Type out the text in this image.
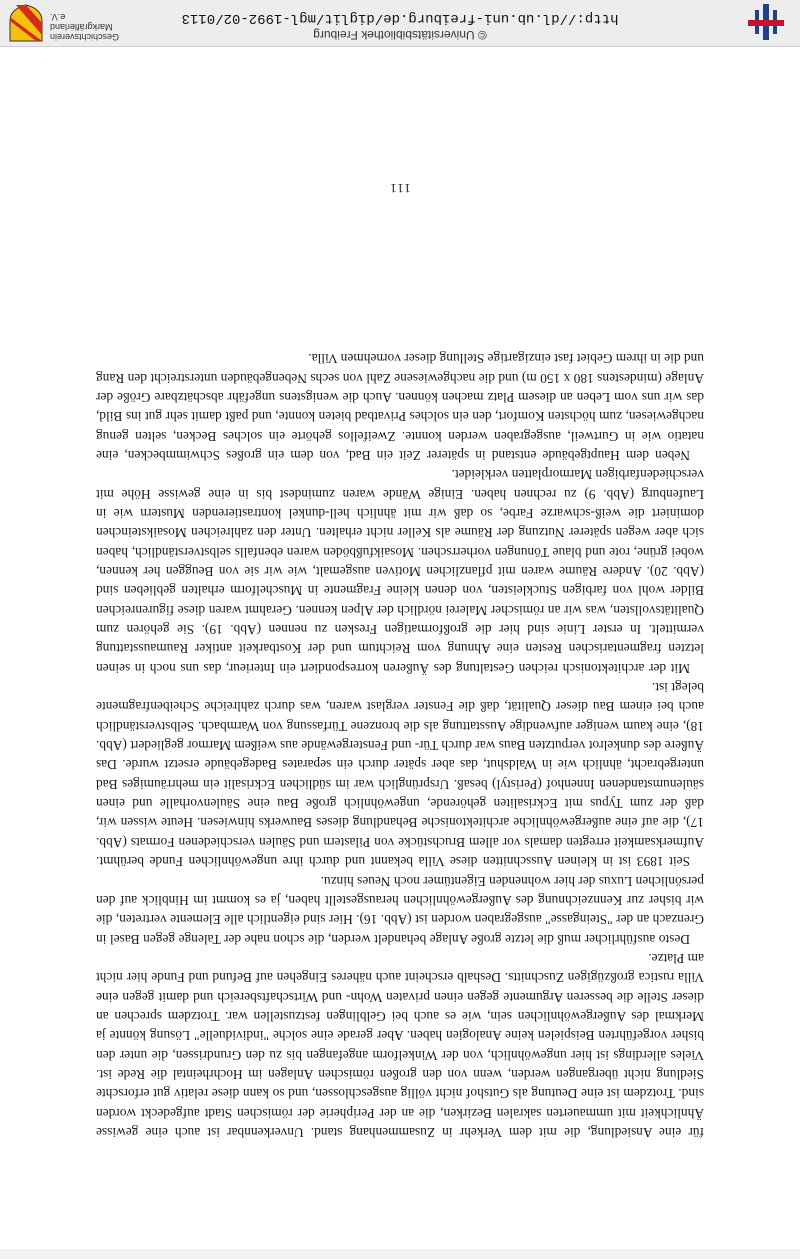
für eine Ansiedlung, die mit dem Verkehr in Zusammenhang stand. Unverkennbar ist auch eine gewisse Ähnlichkeit mit ummauerten sakralen Bezirken, die an der Peripherie der römischen Stadt aufgedeckt worden sind. Trotzdem ist eine Deutung als Gutshof nicht völlig ausgeschlossen, und so kann diese relativ gut erforschte Siedlung nicht übergangen werden, wenn von den großen römischen Anlagen im Hochrheintal die Rede ist. Vieles allerdings ist hier ungewöhnlich, von der Winkelform angefangen bis zu den Grundrissen, die unter den bisher vorgeführten Beispielen keine Analogien haben. Aber gerade eine solche "individuelle" Lösung könnte ja Merkmal des Außergewöhnlichen sein, wie es auch bei Gelblingen festzustellen war. Trotzdem sprechen an dieser Stelle die besseren Argumente gegen einen privaten Wohn- und Wirtschaftsbereich und damit gegen eine Villa rustica großzügigen Zuschnitts. Deshalb erscheint auch näheres Eingehen auf Befund und Funde hier nicht am Platze.

Desto ausführlicher muß die letzte große Anlage behandelt werden, die schon nahe der Talenge gegen Basel in Grenzach an der "Steingasse" ausgegraben worden ist (Abb. 16). Hier sind eigentlich alle Elemente vertreten, die wir bisher zur Kennzeichnung des Außergewöhnlichen herausgestellt haben, ja es kommt im Hinblick auf den persönlichen Luxus der hier wohnenden Eigentümer noch Neues hinzu.

Seit 1893 ist in kleinen Ausschnitten diese Villa bekannt und durch ihre ungewöhnlichen Funde berühmt. Aufmerksamkeit erregten damals vor allem Bruchstücke von Pilastern und Säulen verschiedenen Formats (Abb. 17), die auf eine außergewöhnliche architektonische Behandlung dieses Bauwerks hinwiesen. Heute wissen wir, daß der zum Typus mit Eckrisaliten gehörende, ungewöhnlich große Bau eine Säulenvorhalle und einen säulenumstandenen Innenhof (Peristyl) besaß. Ursprünglich war im südlichen Eckrisalit ein mehrräumiges Bad untergebracht, ähnlich wie in Waldshut, das aber später durch ein separates Badegebäude ersetzt wurde. Das Äußere des dunkelrot verputzten Baus war durch Tür- und Fenstergewände aus weißem Marmor gegliedert (Abb. 18), eine kaum weniger aufwendige Ausstattung als die bronzene Türfassung von Warmbach. Selbstverständlich auch bei einem Bau dieser Qualität, daß die Fenster verglast waren, was durch zahlreiche Scheibenfragmente belegt ist.

Mit der architektonisch reichen Gestaltung des Äußeren korrespondiert ein Interieur, das uns noch in seinen letzten fragmentarischen Resten eine Ahnung vom Reichtum und der Kostbarkeit antiker Raumausstattung vermittelt. In erster Linie sind hier die großformatigen Fresken zu nennen (Abb. 19). Sie gehören zum Qualitätsvollsten, was wir an römischer Malerei nördlich der Alpen kennen. Gerahmt waren diese figurenreichen Bilder wohl von farbigen Stuckleisten, von denen kleine Fragmente in Muschelform erhalten geblieben sind (Abb. 20). Andere Räume waren mit pflanzlichen Motiven ausgemalt, wie wir sie von Beuggen her kennen, wobei grüne, rote und blaue Tönungen vorherrschen. Mosaikfußböden waren ebenfalls selbstverständlich, haben sich aber wegen späterer Nutzung der Räume als Keller nicht erhalten. Unter den zahlreichen Mosaiksteinchen dominiert die weiß-schwarze Farbe, so daß wir mit ähnlich hell-dunkel kontrastierenden Mustern wie in Laufenburg (Abb. 9) zu rechnen haben. Einige Wände waren zumindest bis in eine gewisse Höhe mit verschiedenfarbigen Marmorplatten verkleidet.

Neben dem Hauptgebäude entstand in späterer Zeit ein Bad, von dem ein großes Schwimmbecken, eine natatio wie in Gurtweil, ausgegraben werden konnte. Zweifellos gehörte ein solches Becken, selten genug nachgewiesen, zum höchsten Komfort, den ein solches Privatbad bieten konnte, und paßt damit sehr gut ins Bild, das wir uns vom Leben an diesem Platz machen können. Auch die wenigstens ungefähr abschätzbare Größe der Anlage (mindestens 180 x 150 m) und die nachgewiesene Zahl von sechs Nebengebäuden unterstreicht den Rang und die in ihrem Gebiet fast einzigartige Stellung dieser vornehmen Villa.

111
© Universitätsbibliothek Freiburg
http://dl.ub.uni-freiburg.de/diglit/mgl-1992-02/0113
Geschichtsverein
Markgräflerland e.V.
